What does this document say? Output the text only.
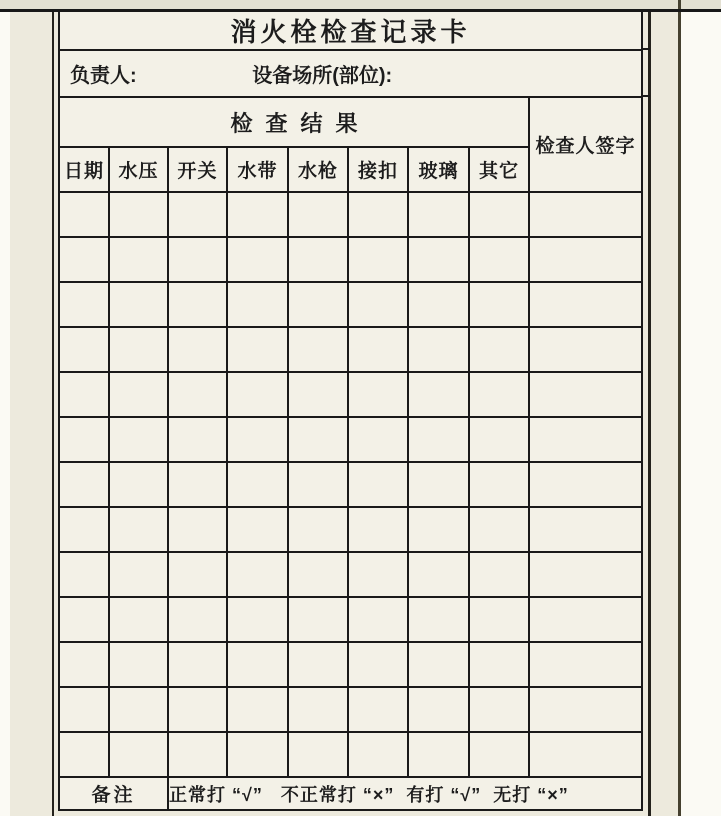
消火栓检查记录卡								
负责人: 设备场所(部位):								
检查结果								检查人签字
日期	水压	开关	水带	水枪	接扣	玻璃	其它	

备注		正常打 “√”   不正常打 “×”  有打 “√”  无打 “×”						
